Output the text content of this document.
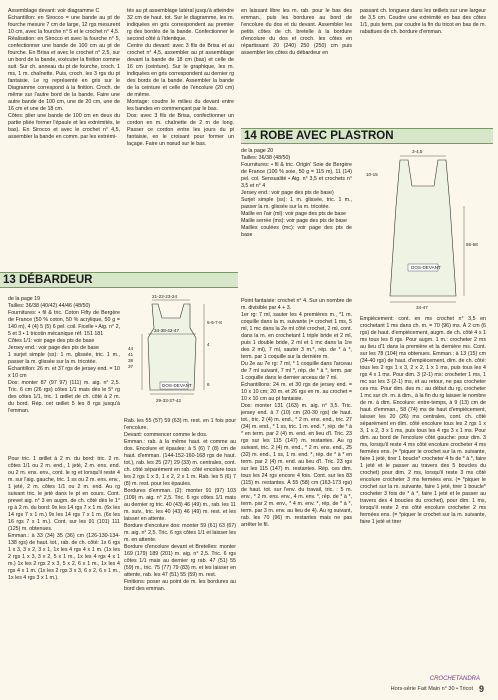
Assemblage devant: voir diagramme C
Échantillon: en Sirocco = une bande au pt de fourche mesure 7 cm de large, 12 rgs mesurent 10 cm, avec la fourche n° 5 et le crochet n° 4,5.
Réalisation: en Sirocco et avec la fourche n° 5, confectionner une bande de 100 cm au pt de fourche. En Brisa et avec le crochet n° 2,5, sur un bord de la bande, exécuter la finition comme suit. Sur ch. anneau du pt de fourche, croch. 1 ms, 1 m. chaînette. Puis, croch. les 3 rgs du pt fantaisie. Le rg représenté en gris sur le Diagramme correspond à la finition. Croch. de même sur l'autre bord de la bande. Faire une autre bande de 100 cm, une de 20 cm, une de 16 cm et une de 18 cm.
Côtes: plier une bande de 100 cm en deux du partie pliée former l'épaule et les extrémités, le bas). En Sirocco et avec le crochet n° 4,5, assembler la bande en comm. par les extrémi-
tés au pt assemblage latéral jusqu'à atteindre 32 cm de haut. tot. Sur le diagramme, les m. indiquées en gris correspondent au premier rg des bordés de la bande. Confectionner le second côté à l'identique.
Centre du devant: avec 3 fils de Brisa et au crochet n° 4,5, assembler au pt assemblage devant la bande de 18 cm (bas) et celle de 16 cm (ceinture). Sur le graphique, les m. indiquées en gris correspondent au dernier rg des bords de la bande. Assembler la bande de la ceinture et celle de l'encolure (20 cm) de même.
Montage: coudre le milieu du devant entre les bandes en commençant par le bas.
Dos: avec 3 fils de Brisa, confectionner un cordon en m. chaînette de 2 m de long. Passer ce cordon entre les jours du pt fantaisie, en le croisant pour former un laçage. Faire un nœud sur le bas.
en laissant libre les m. rab. pour le bas des emman., puis les bordures au bord de l'encolure du dos et du devant. Assembler les petits côtes de ch. bretelle à la bordure d'encolure du dos et croch. les côtes en répartissant 20 (240) 250 (250) cm puis assembler les côtes du débardeur en
passant ch. longueur dans les œillets sur une largeur de 3,5 cm. Coudre une extrémité en bas des côtes 1/1, puis term. par coudre la fin du tricot en bas de m. rabattues de ch. bordure d'emman.
14 ROBE AVEC PLASTRON
13 DÉBARDEUR
de la page 19
Tailles: 36/38 (40/42) 44/46 (48/50)
Fournitures: • fil & tric. Coton Fifty de Bergère de France (50 % coton, 50 % acrylique, 50 g = 140 m), 4 (4) 5 (5) 6 pel. coil. Ficelle • Aig. n° 2, 5 et 3 • 1 tricotin mécanique réf. 151 181
Côtes 1/1: voir page des pts de base
Jersey end.: voir page des pts de base
1 surjet simple (ss): 1 m. glissée, tric. 1 m., passer la m. glissée sur la m. tricotée.
Échantillon: 26 m. et 37 rgs de jersey end. = 10 x 10 cm
Dos: monter 87 (97 97) (111) m. aig. n° 2,5. Tric. 6 cm (26 rgs) côtes 1/1 mais dès le 5° rg des côtes 1/1, tric. 1 œillet de ch. côté à 2 m. du bord. Rép. cet œillet 5 les 8 rgs jusqu'à l'emman.
21-22-23-24
34-38-42-47
44
41
38
37
5-6-7-8
4
6
DOS-DEVANT
29-33-37-42
Pour tric. 1 œillet à 2 m. du bord: tric. 2 m. côtes 1/1 ou 2 m. end., 1 jeté, 2 m. ens. end. ou 2 m. ens. env., cont. le rg et lorsqu'il reste 4 m. sur l'aig. gauche, tric. 1 ss ou 2 m. ens. env., 1 jeté, 2 m. côtes 1/1 ou 2 m. end. Au rg suivant tric. le jeté dans le pt en cours. Cont. prevet aig. n° 3 en augm. de ch. côté dès le 1° rg à 2 m. du bord: 9x les 14 rgs 7 x 1 m. (6x les 14 rgs 7 x 1 m.) 9x les 14 rgs 7 x 1 m. (6x les 16 rgs 7 x 1 m.). Cont. sur les 91 (101) 111 (125) m. obtenues.
Emman.: à 33 (34) 35 (36) cm (126-130-134-138 rgs) de haut. tot., rab. de ch. côté: 1x 6 rgs 1 x 3, 3 x 2, 3 x 1, 1x les 4 rgs 4 x 1 m. (1x les 2 rgs 1 x 3, 3 x 2, 5 x 1 m., 1x les 4 rgs 4 x 1 m.) 1x les 2 rgs 2 x 3, 5 x 2, 6 x 1 m., 1x les 4 rgs 4 x 1 m. (1x les 2 rgs 3 x 3, 6 x 2, 6 x 1 m., 1x les 4 rgs 3 x 1 m.).
Rab. les 55 (57) 59 (63) m. rest. en 1 fois pour l'encolure.
Devant: commencer comme le dos.
Emman.: rab. à la même haut. et comme au dos. Encolure et épaules: à 5 (6) 7 (8) cm de haut. d'emman. (144-152-160-168 rgs de haut. tot.), rab. les 25 (27) 29 (33) m. centrales, cont. ch. côté séparément en rab. côté encolure tous les 2 rgs 1 x 3, 1 x 2, 2 x 1 m. Rab. les 5 (6) 7 (8) m. rest. pour les épaules.
Bordures d'emman. (2): monter 91 (97) 103 (109) m. aig. n° 2,5. Tric. 6 rgs côtes 1/1 mais au dernier rg tric. 40 (43) 46 (49) m., rab. les 11 m. suiv., tric. les 40 (43) 46 (49) m. rest. et les laisser en attente.
Bordure d'encolure dos: monter 59 (61) 63 (67) m. aig. n° 2,5. Tric. 6 rgs côtes 1/1 et laisser les m. en attente.
Bordure d'encolure devant et Bretelles: monter 169 (179) 189 (201) m. aig. n° 2,5. Tric. 6 rgs côtes 1/1 mais au dernier rg rab. 47 (51) 55 (59) m., tric. 75 (77) 79 (83) m. et les laisser en attente, rab. les 47 (51) 55 (59) m. rest.
Finitions: poser au point de m. les bordures au bord des emman.
de la page 20
Tailles: 36/38 (48/50)
Fournitures: • fil & tric. Origin' Soie de Bergère de France (100 % soie, 50 g = 115 m), 11 (14) pel. col. Sensualité • Aig. n° 3,5 et crochets n° 3,5 et n° 4
Jersey end.: voir page des pts de base)
Surjet simple (ss): 1 m. glissée, tric. 1 m., passer la m. glissée sur la m. tricotée.
Maille en l'air (ml): voir page des pts de base
Maille serrée (ms): voir page des pts de base
Mailles coulées (mc): voir page des pts de base
3-4,5
10-15
55-58
DOS-DEVANT
34-47
Point fantaisie: crochet n° 4. Sur un nombre de m. divisible par 4 + 3.
1er rg: 7 ml, sauter les 4 premières m., *1 m. coquille dans la m. suivante (= crochet 1 ms, 5 ml, 1 mc dans la 2e ml côté crochet, 2 ml, cont. dans la m. en crochetant 1 triple bride et 2 ml, puis 1 double bride, 2 ml et 1 mc dans la 1re des 2 ml), 7 ml, sauter 3 m.*, rép. de * à *, term. par 1 coquille sur la dernière m.
Du 2e au 7e rg: 7 ml, * 1 coquille dans l'arceau de 7 ml suivant, 7 ml *, rép. de * à *, term. par 1 coquille dans le dernier arceau de 7 ml.
Échantillons: 24 m. et 30 rgs de jersey end. = 10 x 10 cm; 20 m. et 26 rgs en m. au crochet = 10 x 10 cm au pt fantaisie.
Dos: monter 131 (163) m. aig. n° 3,5. Tric. jersey end. à 7 (10) cm (20-30 rgs) de haut. tot., tric. 2 (4) m. end., * 2 m. ens. end., tric. 27 (34) m. end., * 1 ss, tric. 1 m. end. *, rép. de * à * en term. par 2 (4) m. end. en lieu d'l. Tric. 23 rgs sur les 115 (147) m. restantes. Au rg suivant, tric. 2 (4) m. end., * 2 m. ens. end., 25 (32) m. end., 1 ss, 1 m. end. *, rép. de * à * en term. par 2 (4) m. end. au lieu d'l. Tric. 23 rgs sur les 115 (147) m. restantes. Rép. ces dim. tous les 24 rgs encore 4 fois. Cont. sur les 83 (115) m. restantes. À 55 (58) cm (163-173 rgs) de haut. tot. sur l'env. du travail, tric. : 5 m. env., * 2 m. ens. env., 4 m. env. *, rép. de * à *, term. par 2 m. env., * 4 m. env. *, rép. de * à *, term. par 3 m. env. au lieu de 4). Au rg suivant, rab. les 70 (96) m. restantes mais ne pas arrêter le fil.
Empiècement: cont. en ms crochet n° 3,5 en crochetant 1 ms dans ch. m. = 70 (96) ms. À 2 cm (6 rgs) de haut. d'empiècement, augm. de ch. côté 4 x 1 ms tous les 8 rgs. Pour augm. 1 m.: crocheter 2 ms au lieu d'1 dans la première et la dernière ms. Cont. sur les 78 (104) ms obtenues. Emman.: à 13 (15) cm (34-40 rgs) de haut. d'empiècement, dim. de ch. côté: tous les 2 rgs 1 x 3, 2 x 2, 1 x 1 ms, puis tous les 4 rgs 4 x 1 ms. Pour dim. 3 (2-1) ms: crocheter 1 ms, 1 mc sur les 3 (2-1) ms, et au retour, ne pas crocheter ces ms. Pour dim. des m.: au début du rg, crocheter 1 mc sur ch. m. à dim., à la fin du rg laisser le nombre de m. à dim. Encolure: entre-temps, à 9 (13) cm de haut. d'emman., 58 (74) ms de haut d'empiècement, laisser les 20 (26) ms centrales, cont. ch. côté séparément en dim. côté encolure tous les 2 rgs 1 x 3, 1 x 2, 3 x 1 ms, puis tous les 4 rgs 3 x 1 ms. Pour dim. au bord de l'encolure côté gauche: pour dim. 3 ms, lorsqu'il reste 4 ms côté encolure crocheter 4 ms fermées ens. (= *piquer le crochet sur la m. suivante, faire 1 jeté, tirer 1 boucle* crocheter 4 fs de * à *, faire 1 jeté et le passer au travers des 5 boucles du crochet) pour dim. 2 ms, lorsqu'il reste 3 ms côté encolure crocheter 3 ms fermées ens. (= *piquer le crochet sur la m. suivante, faire 1 jeté, tirer 1 boucle* crocheter 3 fois de * à *, faire 1 jeté et le passer au travers des 4 boucles du crochet), pour dim. 1 ms, lorsqu'il reste 2 ms côté encolure crocheter 2 ms fermées ens. (= *piquer le crochet sur la m. suivante, faire 1 jeté et tirer
CROCHETANDRA
Hors-série Fait Main n° 30 • Tricot 9
